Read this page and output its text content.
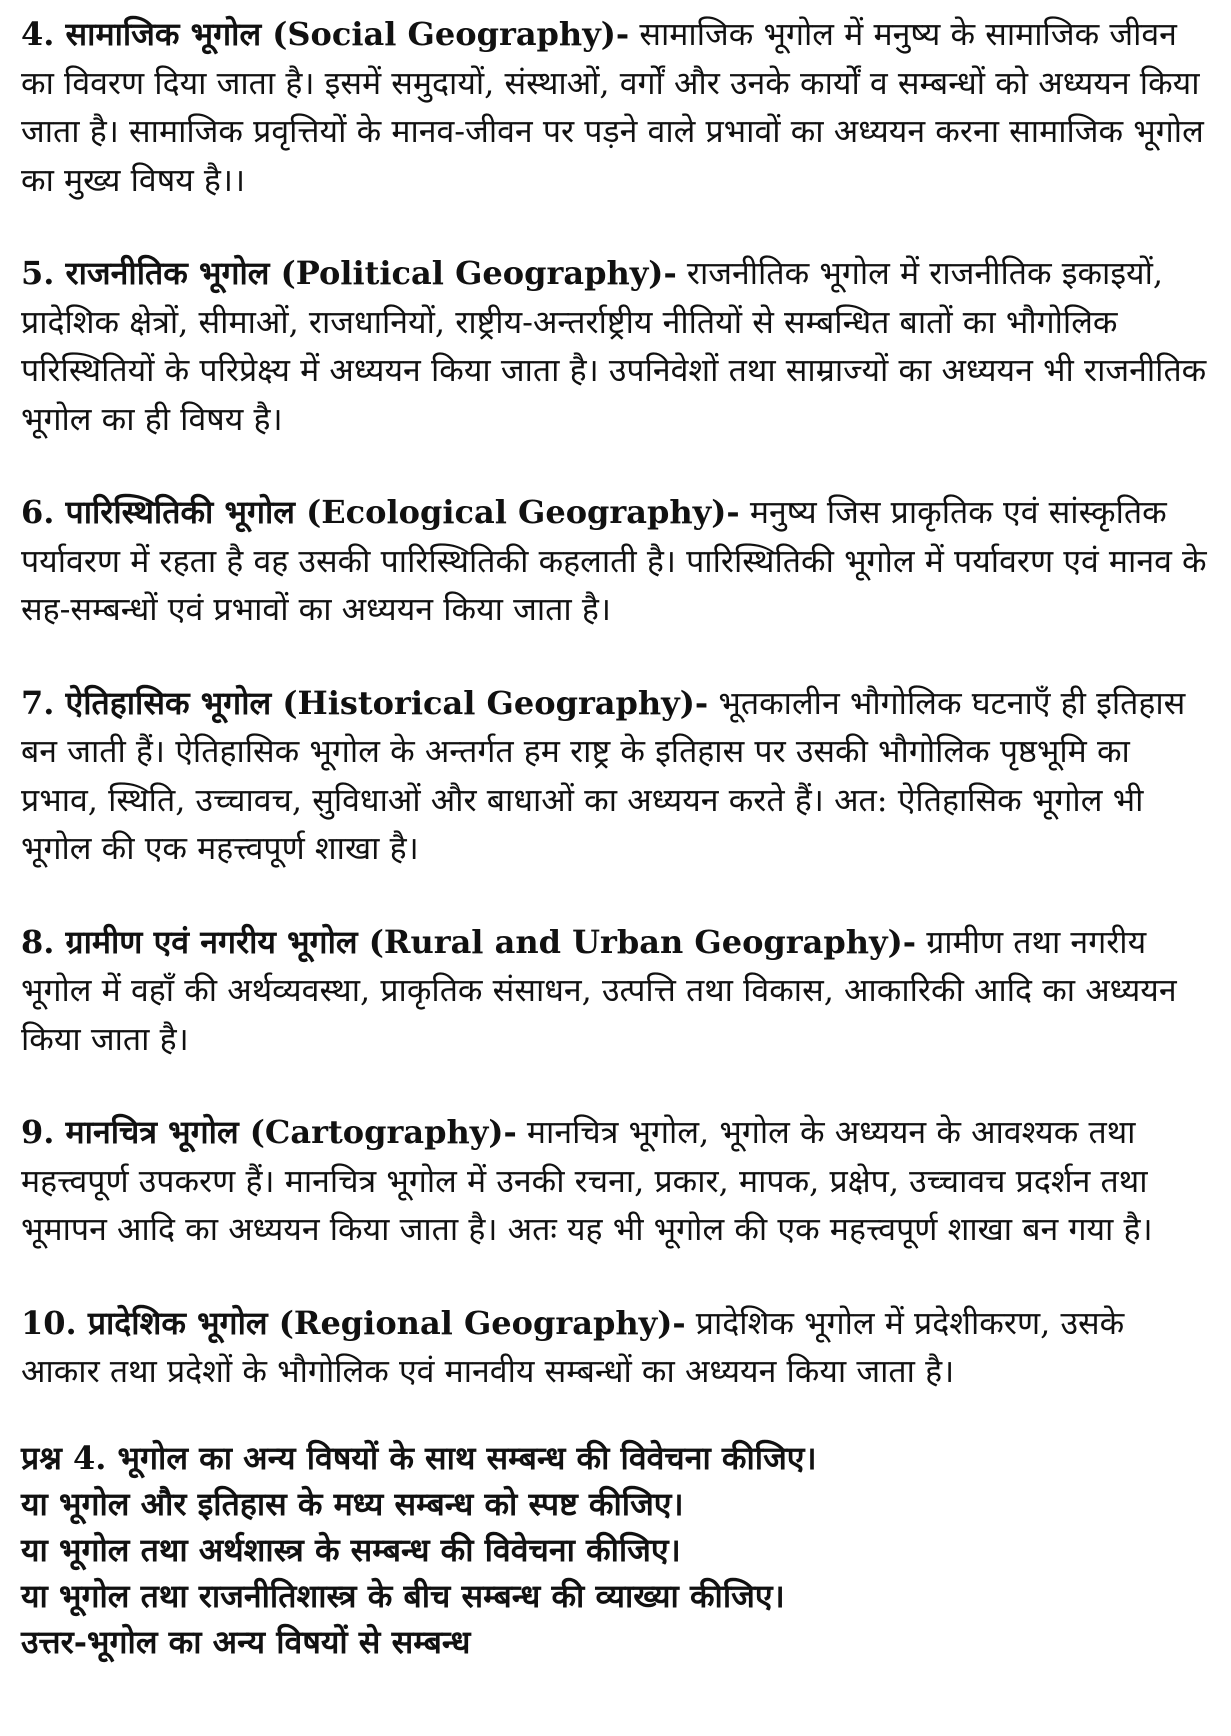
4. सामाजिक भूगोल (Social Geography)- सामाजिक भूगोल में मनुष्य के सामाजिक जीवन का विवरण दिया जाता है। इसमें समुदायों, संस्थाओं, वर्गों और उनके कार्यों व सम्बन्धों को अध्ययन किया जाता है। सामाजिक प्रवृत्तियों के मानव-जीवन पर पड़ने वाले प्रभावों का अध्ययन करना सामाजिक भूगोल का मुख्य विषय है।।

5. राजनीतिक भूगोल (Political Geography)- राजनीतिक भूगोल में राजनीतिक इकाइयों, प्रादेशिक क्षेत्रों, सीमाओं, राजधानियों, राष्ट्रीय-अन्तर्राष्ट्रीय नीतियों से सम्बन्धित बातों का भौगोलिक परिस्थितियों के परिप्रेक्ष्य में अध्ययन किया जाता है। उपनिवेशों तथा साम्राज्यों का अध्ययन भी राजनीतिक भूगोल का ही विषय है।

6. पारिस्थितिकी भूगोल (Ecological Geography)- मनुष्य जिस प्राकृतिक एवं सांस्कृतिक पर्यावरण में रहता है वह उसकी पारिस्थितिकी कहलाती है। पारिस्थितिकी भूगोल में पर्यावरण एवं मानव के सह-सम्बन्धों एवं प्रभावों का अध्ययन किया जाता है।

7. ऐतिहासिक भूगोल (Historical Geography)- भूतकालीन भौगोलिक घटनाएँ ही इतिहास बन जाती हैं। ऐतिहासिक भूगोल के अन्तर्गत हम राष्ट्र के इतिहास पर उसकी भौगोलिक पृष्ठभूमि का प्रभाव, स्थिति, उच्चावच, सुविधाओं और बाधाओं का अध्ययन करते हैं। अत: ऐतिहासिक भूगोल भी भूगोल की एक महत्त्वपूर्ण शाखा है।

8. ग्रामीण एवं नगरीय भूगोल (Rural and Urban Geography)- ग्रामीण तथा नगरीय भूगोल में वहाँ की अर्थव्यवस्था, प्राकृतिक संसाधन, उत्पत्ति तथा विकास, आकारिकी आदि का अध्ययन किया जाता है।

9. मानचित्र भूगोल (Cartography)- मानचित्र भूगोल, भूगोल के अध्ययन के आवश्यक तथा महत्त्वपूर्ण उपकरण हैं। मानचित्र भूगोल में उनकी रचना, प्रकार, मापक, प्रक्षेप, उच्चावच प्रदर्शन तथा भूमापन आदि का अध्ययन किया जाता है। अतः यह भी भूगोल की एक महत्त्वपूर्ण शाखा बन गया है।

10. प्रादेशिक भूगोल (Regional Geography)- प्रादेशिक भूगोल में प्रदेशीकरण, उसके आकार तथा प्रदेशों के भौगोलिक एवं मानवीय सम्बन्धों का अध्ययन किया जाता है।

प्रश्न 4. भूगोल का अन्य विषयों के साथ सम्बन्ध की विवेचना कीजिए।
या भूगोल और इतिहास के मध्य सम्बन्ध को स्पष्ट कीजिए।
या भूगोल तथा अर्थशास्त्र के सम्बन्ध की विवेचना कीजिए।
या भूगोल तथा राजनीतिशास्त्र के बीच सम्बन्ध की व्याख्या कीजिए।
उत्तर-भूगोल का अन्य विषयों से सम्बन्ध
